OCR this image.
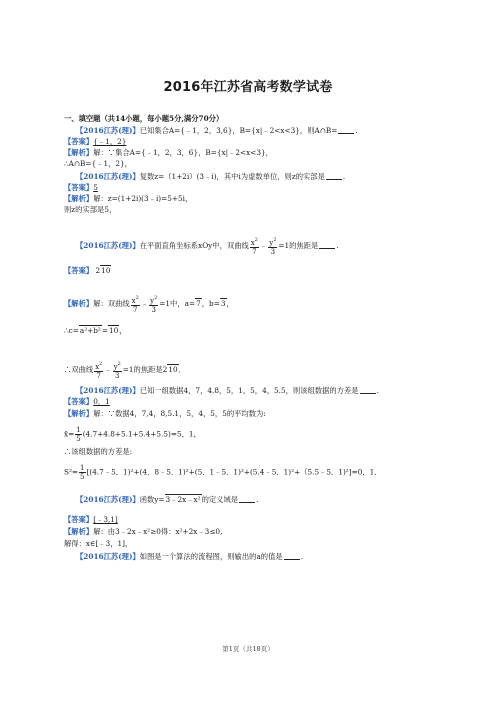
2016年江苏省高考数学试卷
一、填空题（共14小题，每小题5分,满分70分）
【2016江苏(理)】已知集合A={﹣1，2，3,6}，B={x|﹣2<x<3}，则A∩B= .
【答案】{﹣1，2}
【解析】解：∵集合A={﹣1，2，3，6}，B={x|﹣2<x<3}，
∴A∩B={﹣1，2}，
【2016江苏(理)】复数z=（1+2i）(3﹣i)，其中i为虚数单位，则z的实部是 .
【答案】5
【解析】解：z=(1+2i)(3﹣i)=5+5i，
则z的实部是5，
【2016江苏(理)】在平面直角坐标系xOy中，双曲线 $\frac{x^2}{7}$ ﹣ $\frac{y^2}{3} =1$的焦距是 .
【答案】 210
【解析】解：双曲线 $\frac{x^2}{7}$ ﹣ $\frac{y^2}{3} =1$中，a=7，b=3，
∴c=a²+b²=10，
∴双曲线 $\frac{x^2}{7}$ ﹣ $\frac{y^2}{3} =1$的焦距是210．
【2016江苏(理)】已知一组数据4，7，4.8，5，1，5，4，5.5，则该组数据的方差是 .
【答案】0．1
【解析】解：∵数据4，7,4，8,5.1，5，4，5，5的平均数为:
x̄= $\frac{1}{5} (4.7+4.8+5.1+5.4+5.5)=5$，1，
∴该组数据的方差是:
$S^2= \frac{1}{5}$ [(4.7﹣5．1)²+(4．8﹣5．1)²+(5．1﹣5．1)²+(5.4﹣5．1)²+（5.5﹣5．1)²]=0，1．
【2016江苏(理)】函数y=3﹣2x﹣x²的定义域是 .
【答案】[﹣3,1]
【解析】解：由3﹣2x﹣x²≥0得：x²+2x﹣3≤0,
解得：x∈[﹣3，1]，
【2016江苏(理)】如图是一个算法的流程图，则输出的a的值是 .
第1页（共18页）
